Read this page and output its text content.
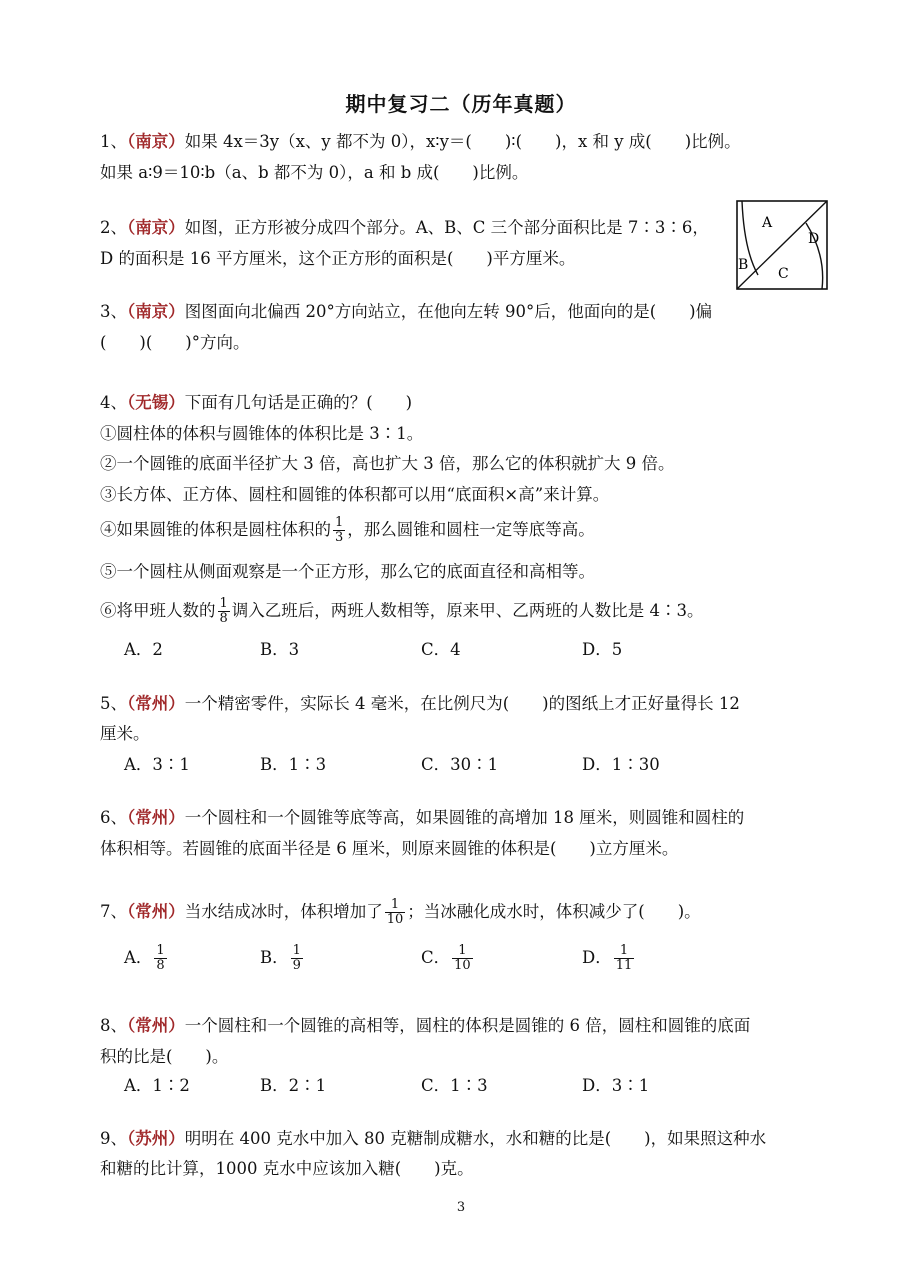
期中复习二（历年真题）
1、（南京）如果 4x＝3y（x、y 都不为 0），x∶y＝(　　)∶(　　)，x 和 y 成(　　)比例。
如果 a∶9＝10∶b（a、b 都不为 0），a 和 b 成(　　)比例。
2、（南京）如图，正方形被分成四个部分。A、B、C 三个部分面积比是 7∶3∶6，
D 的面积是 16 平方厘米，这个正方形的面积是(　　)平方厘米。
A
B
C
D
3、（南京）图图面向北偏西 20°方向站立，在他向左转 90°后，他面向的是(　　)偏
(　　)(　　)°方向。
4、（无锡）下面有几句话是正确的？(　　)
①圆柱体的体积与圆锥体的体积比是 3∶1。
②一个圆锥的底面半径扩大 3 倍，高也扩大 3 倍，那么它的体积就扩大 9 倍。
③长方体、正方体、圆柱和圆锥的体积都可以用“底面积×高”来计算。
④如果圆锥的体积是圆柱体积的 $\frac{1}{3}$ ，那么圆锥和圆柱一定等底等高。
⑤一个圆柱从侧面观察是一个正方形，那么它的底面直径和高相等。
⑥将甲班人数的 $\frac{1}{8}$ 调入乙班后，两班人数相等，原来甲、乙两班的人数比是 4∶3。
A．2	B．3	C．4	D．5
5、（常州）一个精密零件，实际长 4 毫米，在比例尺为(　　)的图纸上才正好量得长 12
厘米。
A．3∶1	B．1∶3	C．30∶1	D．1∶30
6、（常州）一个圆柱和一个圆锥等底等高，如果圆锥的高增加 18 厘米，则圆锥和圆柱的
体积相等。若圆锥的底面半径是 6 厘米，则原来圆锥的体积是(　　)立方厘米。
7、（常州）当水结成冰时，体积增加了 $\frac{1}{10}$ ；当冰融化成水时，体积减少了(　　)。
A． $\frac{1}{8}$	B． $\frac{1}{9}$	C． $\frac{1}{10}$	D． $\frac{1}{11}$
8、（常州）一个圆柱和一个圆锥的高相等，圆柱的体积是圆锥的 6 倍，圆柱和圆锥的底面
积的比是(　　)。
A．1∶2	B．2∶1	C．1∶3	D．3∶1
9、（苏州）明明在 400 克水中加入 80 克糖制成糖水，水和糖的比是(　　)，如果照这种水
和糖的比计算，1000 克水中应该加入糖(　　)克。
3
